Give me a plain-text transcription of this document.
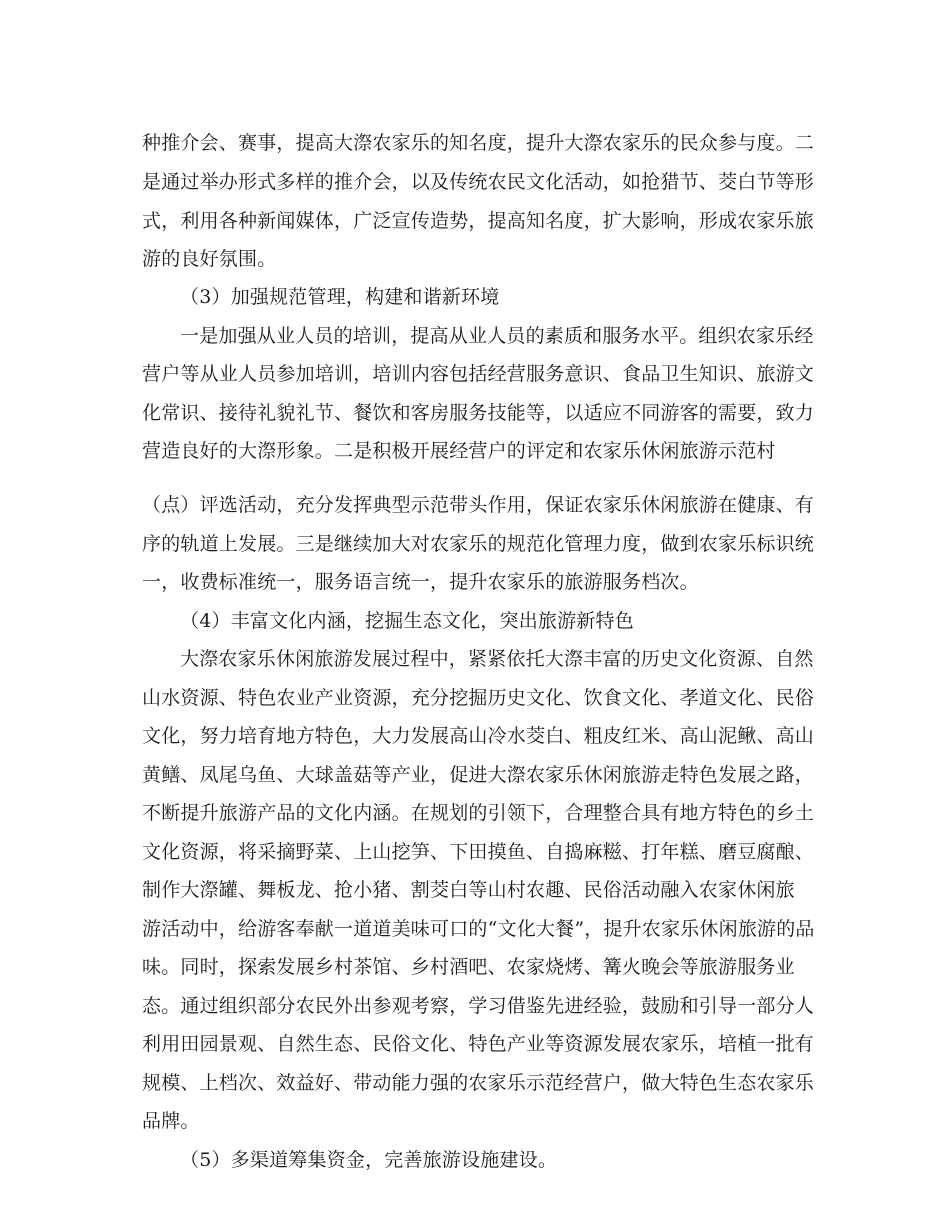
种推介会、赛事，提高大漈农家乐的知名度，提升大漈农家乐的民众参与度。二
是通过举办形式多样的推介会，以及传统农民文化活动，如抢猎节、茭白节等形
式，利用各种新闻媒体，广泛宣传造势，提高知名度，扩大影响，形成农家乐旅
游的良好氛围。
（3）加强规范管理，构建和谐新环境
一是加强从业人员的培训，提高从业人员的素质和服务水平。组织农家乐经
营户等从业人员参加培训，培训内容包括经营服务意识、食品卫生知识、旅游文
化常识、接待礼貌礼节、餐饮和客房服务技能等，以适应不同游客的需要，致力
营造良好的大漈形象。二是积极开展经营户的评定和农家乐休闲旅游示范村
（点）评选活动，充分发挥典型示范带头作用，保证农家乐休闲旅游在健康、有
序的轨道上发展。三是继续加大对农家乐的规范化管理力度，做到农家乐标识统
一，收费标准统一，服务语言统一，提升农家乐的旅游服务档次。
（4）丰富文化内涵，挖掘生态文化，突出旅游新特色
大漈农家乐休闲旅游发展过程中，紧紧依托大漈丰富的历史文化资源、自然
山水资源、特色农业产业资源，充分挖掘历史文化、饮食文化、孝道文化、民俗
文化，努力培育地方特色，大力发展高山冷水茭白、粗皮红米、高山泥鳅、高山
黄鳝、凤尾乌鱼、大球盖菇等产业，促进大漈农家乐休闲旅游走特色发展之路，
不断提升旅游产品的文化内涵。在规划的引领下，合理整合具有地方特色的乡土
文化资源，将采摘野菜、上山挖笋、下田摸鱼、自捣麻糍、打年糕、磨豆腐酿、
制作大漈罐、舞板龙、抢小猪、割茭白等山村农趣、民俗活动融入农家休闲旅
游活动中，给游客奉献一道道美味可口的“文化大餐”，提升农家乐休闲旅游的品
味。同时，探索发展乡村茶馆、乡村酒吧、农家烧烤、篝火晚会等旅游服务业
态。通过组织部分农民外出参观考察，学习借鉴先进经验，鼓励和引导一部分人
利用田园景观、自然生态、民俗文化、特色产业等资源发展农家乐，培植一批有
规模、上档次、效益好、带动能力强的农家乐示范经营户，做大特色生态农家乐
品牌。
（5）多渠道筹集资金，完善旅游设施建设。
